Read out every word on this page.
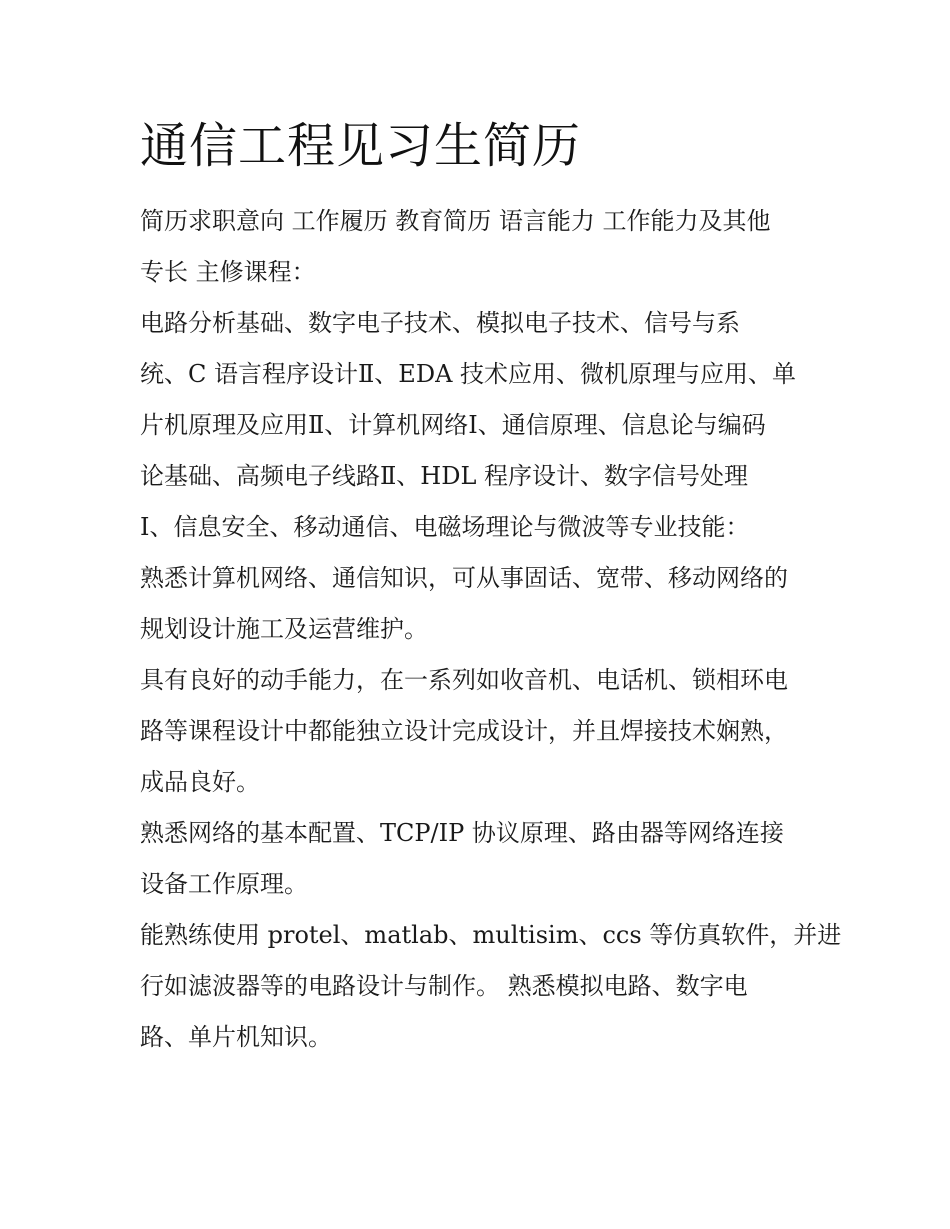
通信工程见习生简历
简历求职意向 工作履历 教育简历 语言能力 工作能力及其他
专长 主修课程：
电路分析基础、数字电子技术、模拟电子技术、信号与系
统、C 语言程序设计Ⅱ、EDA 技术应用、微机原理与应用、单
片机原理及应用Ⅱ、计算机网络Ⅰ、通信原理、信息论与编码
论基础、高频电子线路Ⅱ、HDL 程序设计、数字信号处理
Ⅰ、信息安全、移动通信、电磁场理论与微波等专业技能：
熟悉计算机网络、通信知识，可从事固话、宽带、移动网络的
规划设计施工及运营维护。
具有良好的动手能力，在一系列如收音机、电话机、锁相环电
路等课程设计中都能独立设计完成设计，并且焊接技术娴熟，
成品良好。
熟悉网络的基本配置、TCP/IP 协议原理、路由器等网络连接
设备工作原理。
能熟练使用 protel、matlab、multisim、ccs 等仿真软件，并进
行如滤波器等的电路设计与制作。 熟悉模拟电路、数字电
路、单片机知识。
